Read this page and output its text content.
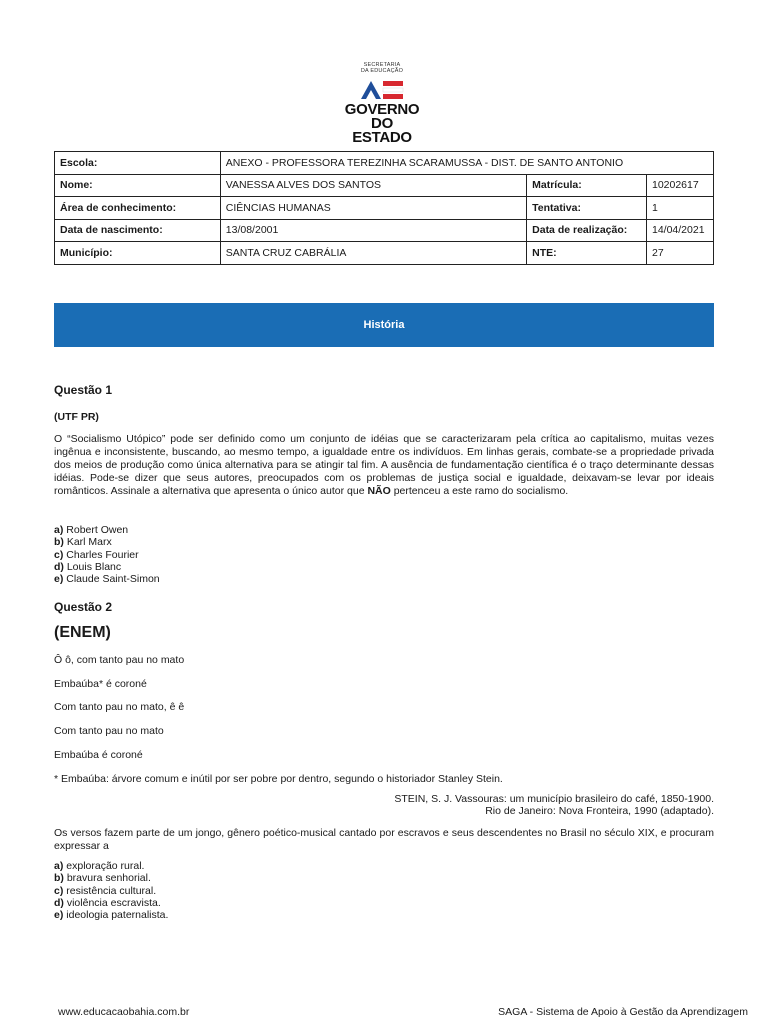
SECRETARIA
DA EDUCAÇÃO
GOVERNO
DO ESTADO
Escola:	ANEXO - PROFESSORA TEREZINHA SCARAMUSSA - DIST. DE SANTO ANTONIO		
Nome:	VANESSA ALVES DOS SANTOS	Matrícula:	10202617
Área de conhecimento:	CIÊNCIAS HUMANAS	Tentativa:	1
Data de nascimento:	13/08/2001	Data de realização:	14/04/2021
Município:	SANTA CRUZ CABRÁLIA	NTE:	27
História
Questão 1
(UTF PR)
O “Socialismo Utópico” pode ser definido como um conjunto de idéias que se caracterizaram pela crítica ao capitalismo, muitas vezes ingênua e inconsistente, buscando, ao mesmo tempo, a igualdade entre os indivíduos. Em linhas gerais, combate-se a propriedade privada dos meios de produção como única alternativa para se atingir tal fim. A ausência de fundamentação científica é o traço determinante dessas idéias. Pode-se dizer que seus autores, preocupados com os problemas de justiça social e igualdade, deixavam-se levar por ideais românticos. Assinale a alternativa que apresenta o único autor que NÃO pertenceu a este ramo do socialismo.
a) Robert Owen
b) Karl Marx
c) Charles Fourier
d) Louis Blanc
e) Claude Saint-Simon
Questão 2
(ENEM)
Ô ô, com tanto pau no mato
Embaúba* é coroné
Com tanto pau no mato, ê ê
Com tanto pau no mato
Embaúba é coroné
* Embaúba: árvore comum e inútil por ser pobre por dentro, segundo o historiador Stanley Stein.
STEIN, S. J. Vassouras: um município brasileiro do café, 1850-1900.
Rio de Janeiro: Nova Fronteira, 1990 (adaptado).
Os versos fazem parte de um jongo, gênero poético-musical cantado por escravos e seus descendentes no Brasil no século XIX, e procuram expressar a
a) exploração rural.
b) bravura senhorial.
c) resistência cultural.
d) violência escravista.
e) ideologia paternalista.
www.educacaobahia.com.br	SAGA - Sistema de Apoio à Gestão da Aprendizagem
